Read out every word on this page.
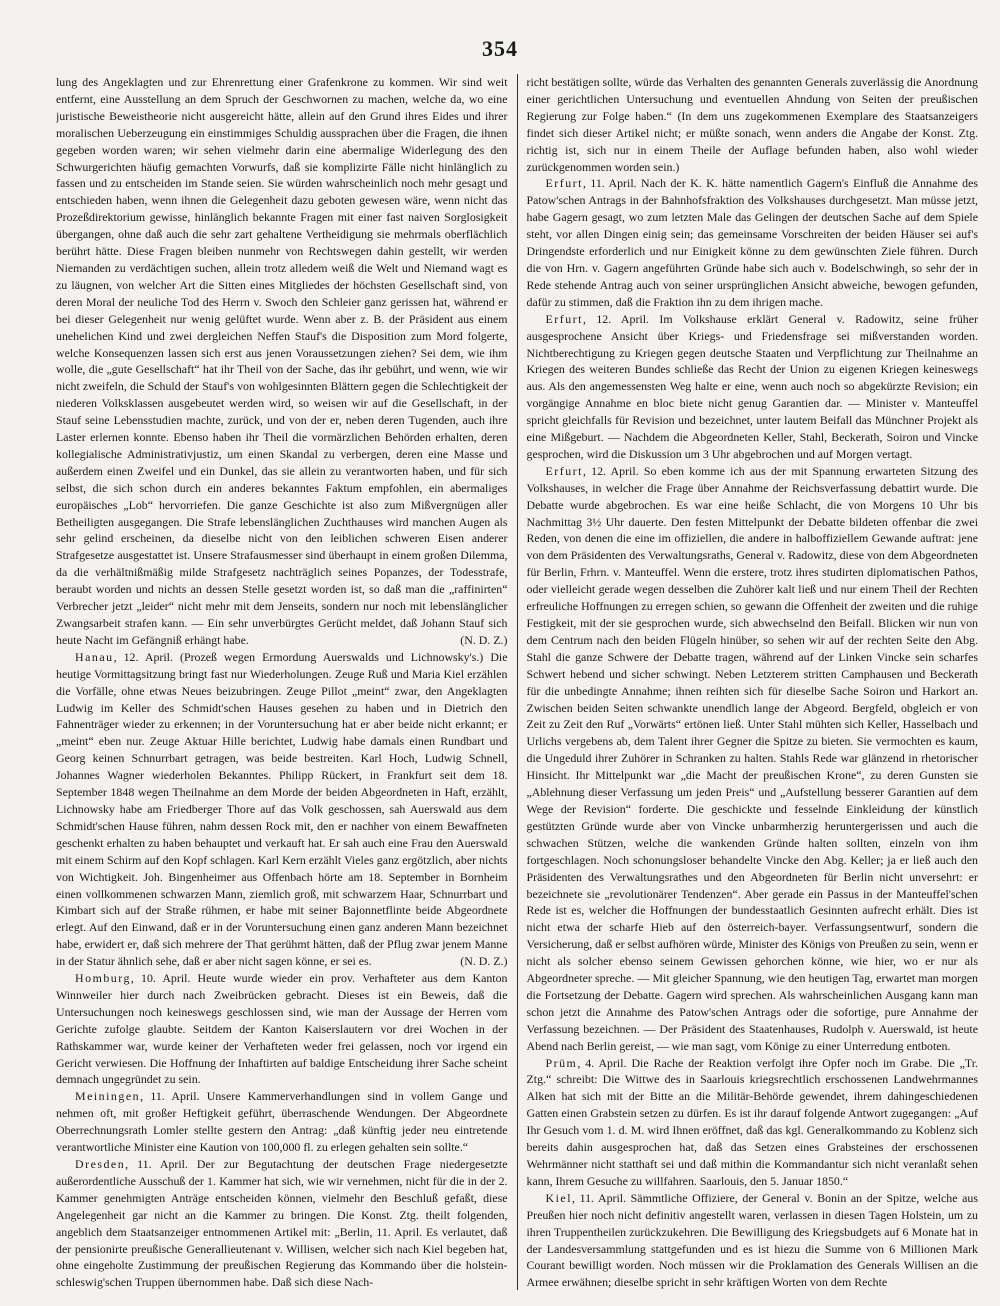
354

lung des Angeklagten und zur Ehrenrettung einer Grafenkrone zu kommen. Wir sind weit entfernt, eine Ausstellung an dem Spruch der Geschwornen zu machen, welche da, wo eine juristische Beweistheorie nicht ausgereicht hätte, allein auf den Grund ihres Eides und ihrer moralischen Ueberzeugung ein einstimmiges Schuldig aussprachen über die Fragen, die ihnen gegeben worden waren; wir sehen vielmehr darin eine abermalige Widerlegung des den Schwurgerichten häufig gemachten Vorwurfs, daß sie komplizirte Fälle nicht hinlänglich zu fassen und zu entscheiden im Stande seien. Sie würden wahrscheinlich noch mehr gesagt und entschieden haben, wenn ihnen die Gelegenheit dazu geboten gewesen wäre, wenn nicht das Prozeßdirektorium gewisse, hinlänglich bekannte Fragen mit einer fast naiven Sorglosigkeit übergangen, ohne daß auch die sehr zart gehaltene Vertheidigung sie mehrmals oberflächlich berührt hätte. Diese Fragen bleiben nunmehr von Rechtswegen dahin gestellt, wir werden Niemanden zu verdächtigen suchen, allein trotz alledem weiß die Welt und Niemand wagt es zu läugnen, von welcher Art die Sitten eines Mitgliedes der höchsten Gesellschaft sind, von deren Moral der neuliche Tod des Herrn v. Swoch den Schleier ganz gerissen hat, während er bei dieser Gelegenheit nur wenig gelüftet wurde. Wenn aber z. B. der Präsident aus einem unehelichen Kind und zwei dergleichen Neffen Stauf's die Disposition zum Mord folgerte, welche Konsequenzen lassen sich erst aus jenen Voraussetzungen ziehen? Sei dem, wie ihm wolle, die „gute Gesellschaft“ hat ihr Theil von der Sache, das ihr gebührt, und wenn, wie wir nicht zweifeln, die Schuld der Stauf's von wohlgesinnten Blättern gegen die Schlechtigkeit der niederen Volksklassen ausgebeutet werden wird, so weisen wir auf die Gesellschaft, in der Stauf seine Lebensstudien machte, zurück, und von der er, neben deren Tugenden, auch ihre Laster erlernen konnte. Ebenso haben ihr Theil die vormärzlichen Behörden erhalten, deren kollegialische Administrativjustiz, um einen Skandal zu verbergen, deren eine Masse und außerdem einen Zweifel und ein Dunkel, das sie allein zu verantworten haben, und für sich selbst, die sich schon durch ein anderes bekanntes Faktum empfohlen, ein abermaliges europäisches „Lob“ hervorriefen. Die ganze Geschichte ist also zum Mißvergnügen aller Betheiligten ausgegangen. Die Strafe lebenslänglichen Zuchthauses wird manchen Augen als sehr gelind erscheinen, da dieselbe nicht von den leiblichen schweren Eisen anderer Strafgesetze ausgestattet ist. Unsere Strafausmesser sind überhaupt in einem großen Dilemma, da die verhältnißmäßig milde Strafgesetz nachträglich seines Popanzes, der Todesstrafe, beraubt worden und nichts an dessen Stelle gesetzt worden ist, so daß man die „raffinirten“ Verbrecher jetzt „leider“ nicht mehr mit dem Jenseits, sondern nur noch mit lebenslänglicher Zwangsarbeit strafen kann. — Ein sehr unverbürgtes Gerücht meldet, daß Johann Stauf sich heute Nacht im Gefängniß erhängt habe.	(N. D. Z.)

Hanau, 12. April. (Prozeß wegen Ermordung Auerswalds und Lichnowsky's.) Die heutige Vormittagsitzung bringt fast nur Wiederholungen. Zeuge Ruß und Maria Kiel erzählen die Vorfälle, ohne etwas Neues beizubringen. Zeuge Pillot „meint“ zwar, den Angeklagten Ludwig im Keller des Schmidt'schen Hauses gesehen zu haben und in Dietrich den Fahnenträger wieder zu erkennen; in der Voruntersuchung hat er aber beide nicht erkannt; er „meint“ eben nur. Zeuge Aktuar Hille berichtet, Ludwig habe damals einen Rundbart und Georg keinen Schnurrbart getragen, was beide bestreiten. Karl Hoch, Ludwig Schnell, Johannes Wagner wiederholen Bekanntes. Philipp Rückert, in Frankfurt seit dem 18. September 1848 wegen Theilnahme an dem Morde der beiden Abgeordneten in Haft, erzählt, Lichnowsky habe am Friedberger Thore auf das Volk geschossen, sah Auerswald aus dem Schmidt'schen Hause führen, nahm dessen Rock mit, den er nachher von einem Bewaffneten geschenkt erhalten zu haben behauptet und verkauft hat. Er sah auch eine Frau den Auerswald mit einem Schirm auf den Kopf schlagen. Karl Kern erzählt Vieles ganz ergötzlich, aber nichts von Wichtigkeit. Joh. Bingenheimer aus Offenbach hörte am 18. September in Bornheim einen vollkommenen schwarzen Mann, ziemlich groß, mit schwarzem Haar, Schnurrbart und Kimbart sich auf der Straße rühmen, er habe mit seiner Bajonnetflinte beide Abgeordnete erlegt. Auf den Einwand, daß er in der Voruntersuchung einen ganz anderen Mann bezeichnet habe, erwidert er, daß sich mehrere der That gerühmt hätten, daß der Pflug zwar jenem Manne in der Statur ähnlich sehe, daß er aber nicht sagen könne, er sei es.	(N. D. Z.)

Homburg, 10. April. Heute wurde wieder ein prov. Verhafteter aus dem Kanton Winnweiler hier durch nach Zweibrücken gebracht. Dieses ist ein Beweis, daß die Untersuchungen noch keineswegs geschlossen sind, wie man der Aussage der Herren vom Gerichte zufolge glaubte. Seitdem der Kanton Kaiserslautern vor drei Wochen in der Rathskammer war, wurde keiner der Verhafteten weder frei gelassen, noch vor irgend ein Gericht verwiesen. Die Hoffnung der Inhaftirten auf baldige Entscheidung ihrer Sache scheint demnach ungegründet zu sein.

Meiningen, 11. April. Unsere Kammerverhandlungen sind in vollem Gange und nehmen oft, mit großer Heftigkeit geführt, überraschende Wendungen. Der Abgeordnete Oberrechnungsrath Lomler stellte gestern den Antrag: „daß künftig jeder neu eintretende verantwortliche Minister eine Kaution von 100,000 fl. zu erlegen gehalten sein sollte.“

Dresden, 11. April. Der zur Begutachtung der deutschen Frage niedergesetzte außerordentliche Ausschuß der 1. Kammer hat sich, wie wir vernehmen, nicht für die in der 2. Kammer genehmigten Anträge entscheiden können, vielmehr den Beschluß gefaßt, diese Angelegenheit gar nicht an die Kammer zu bringen. Die Konst. Ztg. theilt folgenden, angeblich dem Staatsanzeiger entnommenen Artikel mit: „Berlin, 11. April. Es verlautet, daß der pensionirte preußische Generallieutenant v. Willisen, welcher sich nach Kiel begeben hat, ohne eingeholte Zustimmung der preußischen Regierung das Kommando über die holstein-schleswig'schen Truppen übernommen habe. Daß sich diese Nach-

richt bestätigen sollte, würde das Verhalten des genannten Generals zuverlässig die Anordnung einer gerichtlichen Untersuchung und eventuellen Ahndung von Seiten der preußischen Regierung zur Folge haben.“ (In dem uns zugekommenen Exemplare des Staatsanzeigers findet sich dieser Artikel nicht; er müßte sonach, wenn anders die Angabe der Konst. Ztg. richtig ist, sich nur in einem Theile der Auflage befunden haben, also wohl wieder zurückgenommen worden sein.)

Erfurt, 11. April. Nach der K. K. hätte namentlich Gagern's Einfluß die Annahme des Patow'schen Antrags in der Bahnhofsfraktion des Volkshauses durchgesetzt. Man müsse jetzt, habe Gagern gesagt, wo zum letzten Male das Gelingen der deutschen Sache auf dem Spiele steht, vor allen Dingen einig sein; das gemeinsame Vorschreiten der beiden Häuser sei auf's Dringendste erforderlich und nur Einigkeit könne zu dem gewünschten Ziele führen. Durch die von Hrn. v. Gagern angeführten Gründe habe sich auch v. Bodelschwingh, so sehr der in Rede stehende Antrag auch von seiner ursprünglichen Ansicht abweiche, bewogen gefunden, dafür zu stimmen, daß die Fraktion ihn zu dem ihrigen mache.

Erfurt, 12. April. Im Volkshause erklärt General v. Radowitz, seine früher ausgesprochene Ansicht über Kriegs- und Friedensfrage sei mißverstanden worden. Nichtberechtigung zu Kriegen gegen deutsche Staaten und Verpflichtung zur Theilnahme an Kriegen des weiteren Bundes schließe das Recht der Union zu eigenen Kriegen keineswegs aus. Als den angemessensten Weg halte er eine, wenn auch noch so abgekürzte Revision; ein vorgängige Annahme en bloc biete nicht genug Garantien dar. — Minister v. Manteuffel spricht gleichfalls für Revision und bezeichnet, unter lautem Beifall das Münchner Projekt als eine Mißgeburt. — Nachdem die Abgeordneten Keller, Stahl, Beckerath, Soiron und Vincke gesprochen, wird die Diskussion um 3 Uhr abgebrochen und auf Morgen vertagt.

Erfurt, 12. April. So eben komme ich aus der mit Spannung erwarteten Sitzung des Volkshauses, in welcher die Frage über Annahme der Reichsverfassung debattirt wurde. Die Debatte wurde abgebrochen. Es war eine heiße Schlacht, die von Morgens 10 Uhr bis Nachmittag 3½ Uhr dauerte. Den festen Mittelpunkt der Debatte bildeten offenbar die zwei Reden, von denen die eine im offiziellen, die andere in halboffiziellem Gewande auftrat: jene von dem Präsidenten des Verwaltungsraths, General v. Radowitz, diese von dem Abgeordneten für Berlin, Frhrn. v. Manteuffel. Wenn die erstere, trotz ihres studirten diplomatischen Pathos, oder vielleicht gerade wegen desselben die Zuhörer kalt ließ und nur einem Theil der Rechten erfreuliche Hoffnungen zu erregen schien, so gewann die Offenheit der zweiten und die ruhige Festigkeit, mit der sie gesprochen wurde, sich abwechselnd den Beifall. Blicken wir nun von dem Centrum nach den beiden Flügeln hinüber, so sehen wir auf der rechten Seite den Abg. Stahl die ganze Schwere der Debatte tragen, während auf der Linken Vincke sein scharfes Schwert hebend und sicher schwingt. Neben Letzterem stritten Camphausen und Beckerath für die unbedingte Annahme; ihnen reihten sich für dieselbe Sache Soiron und Harkort an. Zwischen beiden Seiten schwankte unendlich lange der Abgeord. Bergfeld, obgleich er von Zeit zu Zeit den Ruf „Vorwärts“ ertönen ließ. Unter Stahl mühten sich Keller, Hasselbach und Urlichs vergebens ab, dem Talent ihrer Gegner die Spitze zu bieten. Sie vermochten es kaum, die Ungeduld ihrer Zuhörer in Schranken zu halten. Stahls Rede war glänzend in rhetorischer Hinsicht. Ihr Mittelpunkt war „die Macht der preußischen Krone“, zu deren Gunsten sie „Ablehnung dieser Verfassung um jeden Preis“ und „Aufstellung besserer Garantien auf dem Wege der Revision“ forderte. Die geschickte und fesselnde Einkleidung der künstlich gestützten Gründe wurde aber von Vincke unbarmherzig heruntergerissen und auch die schwachen Stützen, welche die wankenden Gründe halten sollten, einzeln von ihm fortgeschlagen. Noch schonungsloser behandelte Vincke den Abg. Keller; ja er ließ auch den Präsidenten des Verwaltungsrathes und den Abgeordneten für Berlin nicht unversehrt: er bezeichnete sie „revolutionärer Tendenzen“. Aber gerade ein Passus in der Manteuffel'schen Rede ist es, welcher die Hoffnungen der bundesstaatlich Gesinnten aufrecht erhält. Dies ist nicht etwa der scharfe Hieb auf den österreich-bayer. Verfassungsentwurf, sondern die Versicherung, daß er selbst aufhören würde, Minister des Königs von Preußen zu sein, wenn er nicht als solcher ebenso seinem Gewissen gehorchen könne, wie hier, wo er nur als Abgeordneter spreche. — Mit gleicher Spannung, wie den heutigen Tag, erwartet man morgen die Fortsetzung der Debatte. Gagern wird sprechen. Als wahrscheinlichen Ausgang kann man schon jetzt die Annahme des Patow'schen Antrags oder die sofortige, pure Annahme der Verfassung bezeichnen. — Der Präsident des Staatenhauses, Rudolph v. Auerswald, ist heute Abend nach Berlin gereist, — wie man sagt, vom Könige zu einer Unterredung entboten.

Prüm, 4. April. Die Rache der Reaktion verfolgt ihre Opfer noch im Grabe. Die „Tr. Ztg.“ schreibt: Die Wittwe des in Saarlouis kriegsrechtlich erschossenen Landwehrmannes Alken hat sich mit der Bitte an die Militär-Behörde gewendet, ihrem dahingeschiedenen Gatten einen Grabstein setzen zu dürfen. Es ist ihr darauf folgende Antwort zugegangen: „Auf Ihr Gesuch vom 1. d. M. wird Ihnen eröffnet, daß das kgl. Generalkommando zu Koblenz sich bereits dahin ausgesprochen hat, daß das Setzen eines Grabsteines der erschossenen Wehrmänner nicht statthaft sei und daß mithin die Kommandantur sich nicht veranlaßt sehen kann, Ihrem Gesuche zu willfahren. Saarlouis, den 5. Januar 1850.“

Kiel, 11. April. Sämmtliche Offiziere, der General v. Bonin an der Spitze, welche aus Preußen hier noch nicht definitiv angestellt waren, verlassen in diesen Tagen Holstein, um zu ihren Truppentheilen zurückzukehren. Die Bewilligung des Kriegsbudgets auf 6 Monate hat in der Landesversammlung stattgefunden und es ist hiezu die Summe von 6 Millionen Mark Courant bewilligt worden. Noch müssen wir die Proklamation des Generals Willisen an die Armee erwähnen; dieselbe spricht in sehr kräftigen Worten von dem Rechte
